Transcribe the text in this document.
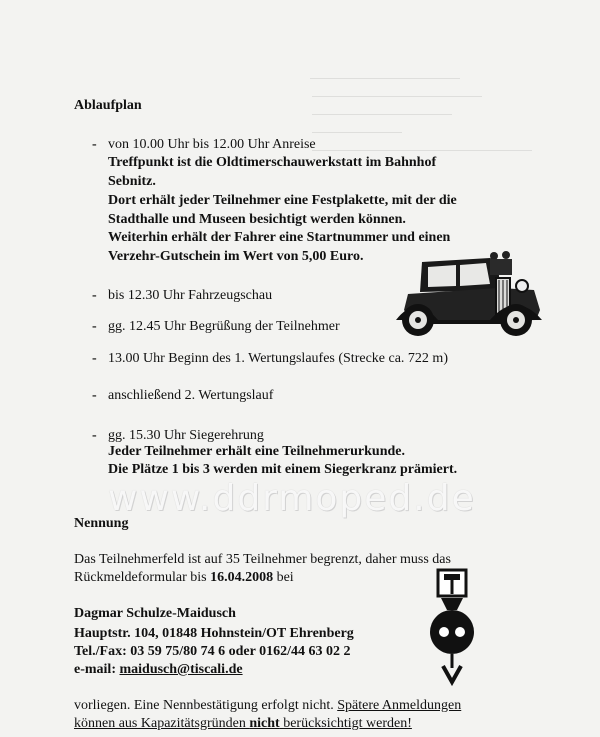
Ablaufplan
- von 10.00 Uhr bis 12.00 Uhr Anreise
Treffpunkt ist die Oldtimerschauwerkstatt im Bahnhof
Sebnitz.
Dort erhält jeder Teilnehmer eine Festplakette, mit der die
Stadthalle und Museen besichtigt werden können.
Weiterhin erhält der Fahrer eine Startnummer und einen
Verzehr-Gutschein im Wert von 5,00 Euro.
- bis 12.30 Uhr Fahrzeugschau
- gg. 12.45 Uhr Begrüßung der Teilnehmer
- 13.00 Uhr Beginn des 1. Wertungslaufes (Strecke ca. 722 m)
- anschließend 2. Wertungslauf
- gg. 15.30 Uhr Siegerehrung
Jeder Teilnehmer erhält eine Teilnehmerurkunde.
Die Plätze 1 bis 3 werden mit einem Siegerkranz prämiert.
www.ddrmoped.de
Nennung
Das Teilnehmerfeld ist auf 35 Teilnehmer begrenzt, daher muss das
Rückmeldeformular bis 16.04.2008 bei
Dagmar Schulze-Maidusch
Hauptstr. 104, 01848 Hohnstein/OT Ehrenberg
Tel./Fax: 03 59 75/80 74 6 oder 0162/44 63 02 2
e-mail: maidusch@tiscali.de
vorliegen. Eine Nennbestätigung erfolgt nicht. Spätere Anmeldungen
können aus Kapazitätsgründen nicht berücksichtigt werden!
